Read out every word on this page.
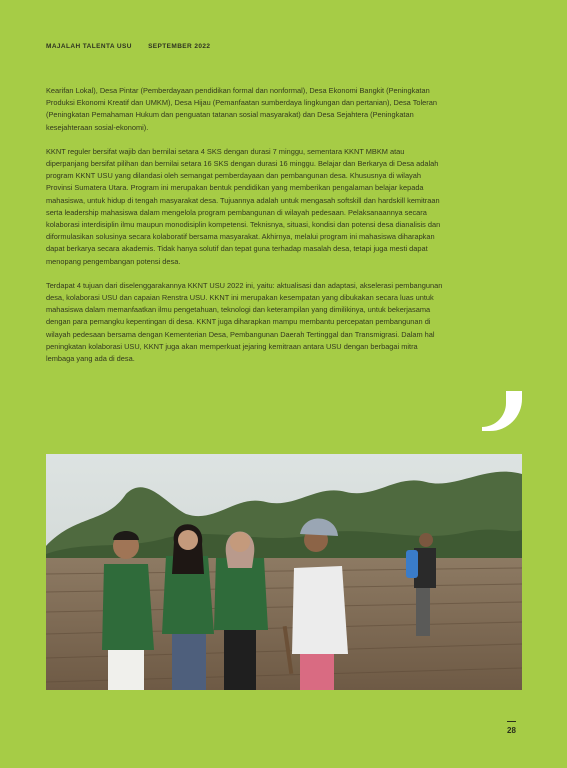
MAJALAH TALENTA USU SEPTEMBER 2022

Kearifan Lokal), Desa Pintar (Pemberdayaan pendidikan formal dan nonformal), Desa Ekonomi Bangkit (Peningkatan Produksi Ekonomi Kreatif dan UMKM), Desa Hijau (Pemanfaatan sumberdaya lingkungan dan pertanian), Desa Toleran (Peningkatan Pemahaman Hukum dan penguatan tatanan sosial masyarakat) dan Desa Sejahtera (Peningkatan kesejahteraan sosial-ekonomi).

KKNT reguler bersifat wajib dan bernilai setara 4 SKS dengan durasi 7 minggu, sementara KKNT MBKM atau diperpanjang bersifat pilihan dan bernilai setara 16 SKS dengan durasi 16 minggu. Belajar dan Berkarya di Desa adalah program KKNT USU yang dilandasi oleh semangat pemberdayaan dan pembangunan desa. Khususnya di wilayah Provinsi Sumatera Utara. Program ini merupakan bentuk pendidikan yang memberikan pengalaman belajar kepada mahasiswa, untuk hidup di tengah masyarakat desa. Tujuannya adalah untuk mengasah softskill dan hardskill kemitraan serta leadership mahasiswa dalam mengelola program pembangunan di wilayah pedesaan. Pelaksanaannya secara kolaborasi interdisiplin ilmu maupun monodisiplin kompetensi. Teknisnya, situasi, kondisi dan potensi desa dianalisis dan diformulasikan solusinya secara kolaboratif bersama masyarakat. Akhirnya, melalui program ini mahasiswa diharapkan dapat berkarya secara akademis. Tidak hanya solutif dan tepat guna terhadap masalah desa, tetapi juga mesti dapat menopang pengembangan potensi desa.

Terdapat 4 tujuan dari diselenggarakannya KKNT USU 2022 ini, yaitu: aktualisasi dan adaptasi, akselerasi pembangunan desa, kolaborasi USU dan capaian Renstra USU. KKNT ini merupakan kesempatan yang dibukakan secara luas untuk mahasiswa dalam memanfaatkan ilmu pengetahuan, teknologi dan keterampilan yang dimilikinya, untuk bekerjasama dengan para pemangku kepentingan di desa. KKNT juga diharapkan mampu membantu percepatan pembangunan di wilayah pedesaan bersama dengan Kementerian Desa, Pembangunan Daerah Tertinggal dan Transmigrasi. Dalam hal peningkatan kolaborasi USU, KKNT juga akan memperkuat jejaring kemitraan antara USU dengan berbagai mitra lembaga yang ada di desa.

28
